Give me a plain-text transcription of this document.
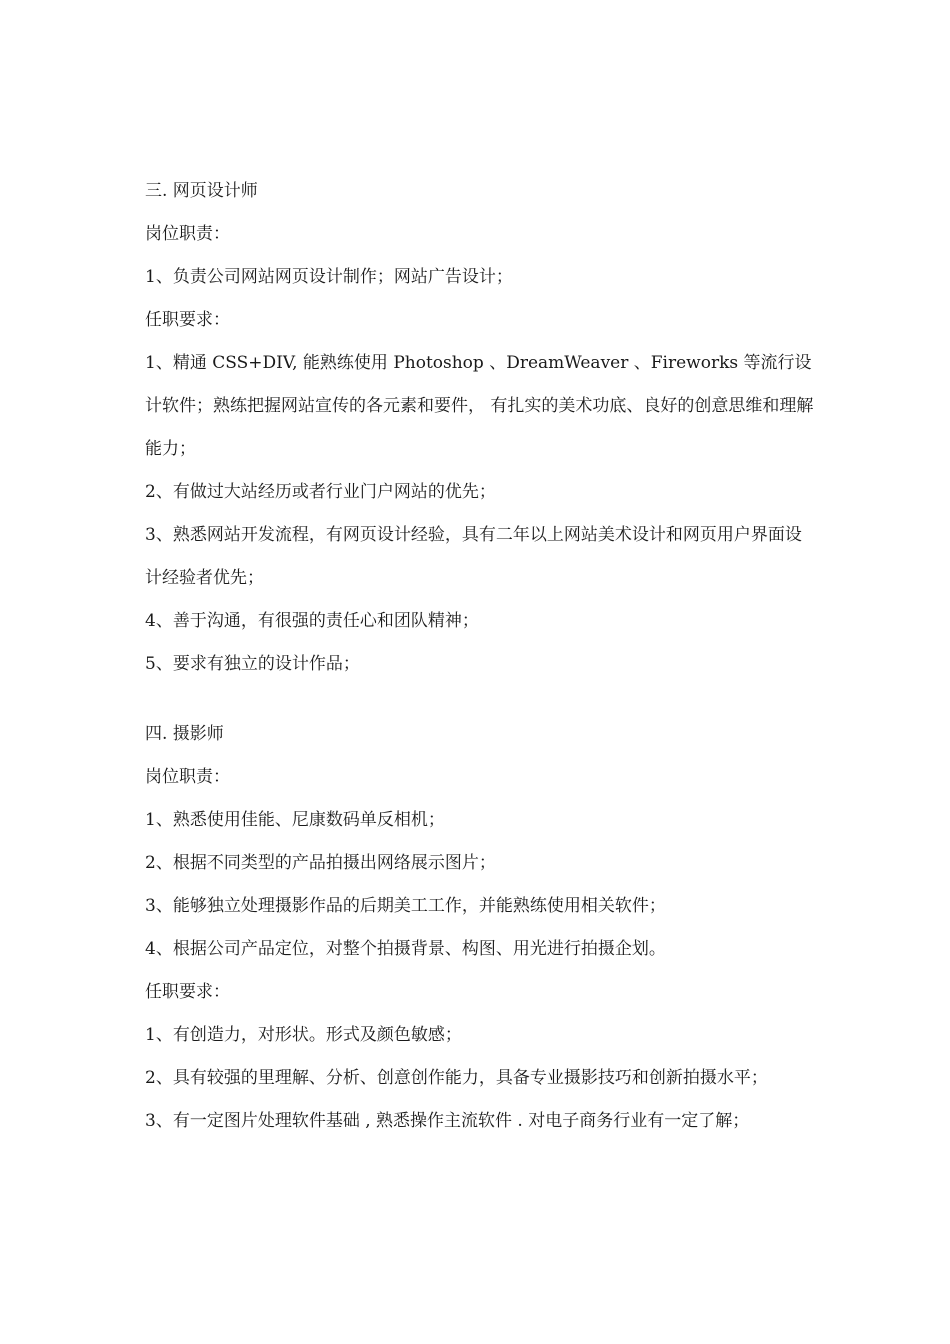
三. 网页设计师

岗位职责：

1、负责公司网站网页设计制作；网站广告设计；

任职要求：

1、精通 CSS+DIV, 能熟练使用 Photoshop 、DreamWeaver 、Fireworks 等流行设计软件；熟练把握网站宣传的各元素和要件， 有扎实的美术功底、良好的创意思维和理解能力；

2、有做过大站经历或者行业门户网站的优先；

3、熟悉网站开发流程，有网页设计经验，具有二年以上网站美术设计和网页用户界面设计经验者优先；

4、善于沟通，有很强的责任心和团队精神；

5、要求有独立的设计作品；

四. 摄影师

岗位职责：

1、熟悉使用佳能、尼康数码单反相机；

2、根据不同类型的产品拍摄出网络展示图片；

3、能够独立处理摄影作品的后期美工工作，并能熟练使用相关软件；

4、根据公司产品定位，对整个拍摄背景、构图、用光进行拍摄企划。

任职要求：

1、有创造力，对形状。形式及颜色敏感；

2、具有较强的里理解、分析、创意创作能力，具备专业摄影技巧和创新拍摄水平；

3、有一定图片处理软件基础 , 熟悉操作主流软件 . 对电子商务行业有一定了解；
